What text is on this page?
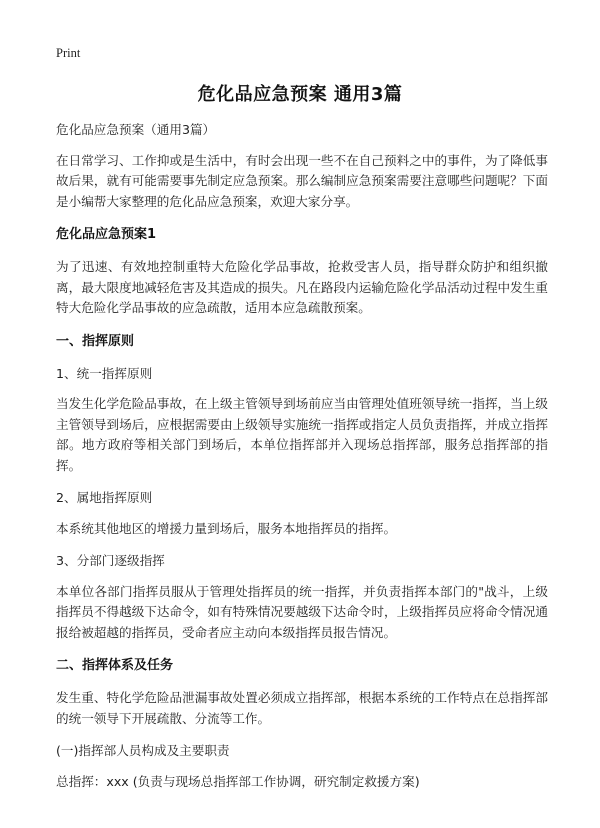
Print
危化品应急预案 通用3篇

危化品应急预案（通用3篇）

在日常学习、工作抑或是生活中，有时会出现一些不在自己预料之中的事件，为了降低事故后果，就有可能需要事先制定应急预案。那么编制应急预案需要注意哪些问题呢？下面是小编帮大家整理的危化品应急预案，欢迎大家分享。

危化品应急预案1

为了迅速、有效地控制重特大危险化学品事故，抢救受害人员，指导群众防护和组织撤离，最大限度地减轻危害及其造成的损失。凡在路段内运输危险化学品活动过程中发生重特大危险化学品事故的应急疏散，适用本应急疏散预案。

一、指挥原则

1、统一指挥原则

当发生化学危险品事故，在上级主管领导到场前应当由管理处值班领导统一指挥，当上级主管领导到场后，应根据需要由上级领导实施统一指挥或指定人员负责指挥，并成立指挥部。地方政府等相关部门到场后，本单位指挥部并入现场总指挥部，服务总指挥部的指挥。

2、属地指挥原则

本系统其他地区的增援力量到场后，服务本地指挥员的指挥。

3、分部门逐级指挥

本单位各部门指挥员服从于管理处指挥员的统一指挥，并负责指挥本部门的"战斗，上级指挥员不得越级下达命令，如有特殊情况要越级下达命令时，上级指挥员应将命令情况通报给被超越的指挥员，受命者应主动向本级指挥员报告情况。

二、指挥体系及任务

发生重、特化学危险品泄漏事故处置必须成立指挥部，根据本系统的工作特点在总指挥部的统一领导下开展疏散、分流等工作。

(一)指挥部人员构成及主要职责

总指挥：xxx (负责与现场总指挥部工作协调，研究制定救援方案)
